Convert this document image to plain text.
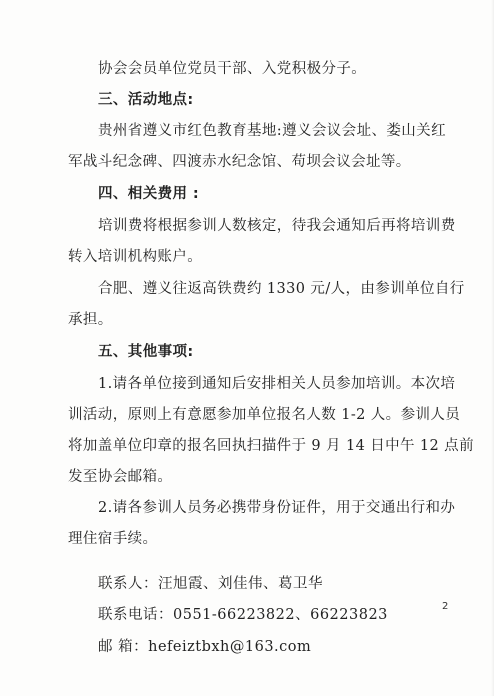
协会会员单位党员干部、入党积极分子。
三、活动地点:
贵州省遵义市红色教育基地:遵义会议会址、娄山关红
军战斗纪念碑、四渡赤水纪念馆、苟坝会议会址等。
四、相关费用 :
培训费将根据参训人数核定，待我会通知后再将培训费
转入培训机构账户。
合肥、遵义往返高铁费约 1330 元/人，由参训单位自行
承担。
五、其他事项:
1.请各单位接到通知后安排相关人员参加培训。本次培
训活动，原则上有意愿参加单位报名人数 1-2 人。参训人员
将加盖单位印章的报名回执扫描件于 9 月 14 日中午 12 点前
发至协会邮箱。
2.请各参训人员务必携带身份证件，用于交通出行和办
理住宿手续。
联系人：汪旭霞、刘佳伟、葛卫华
联系电话：0551-66223822、66223823
邮 箱：hefeiztbxh@163.com
2
